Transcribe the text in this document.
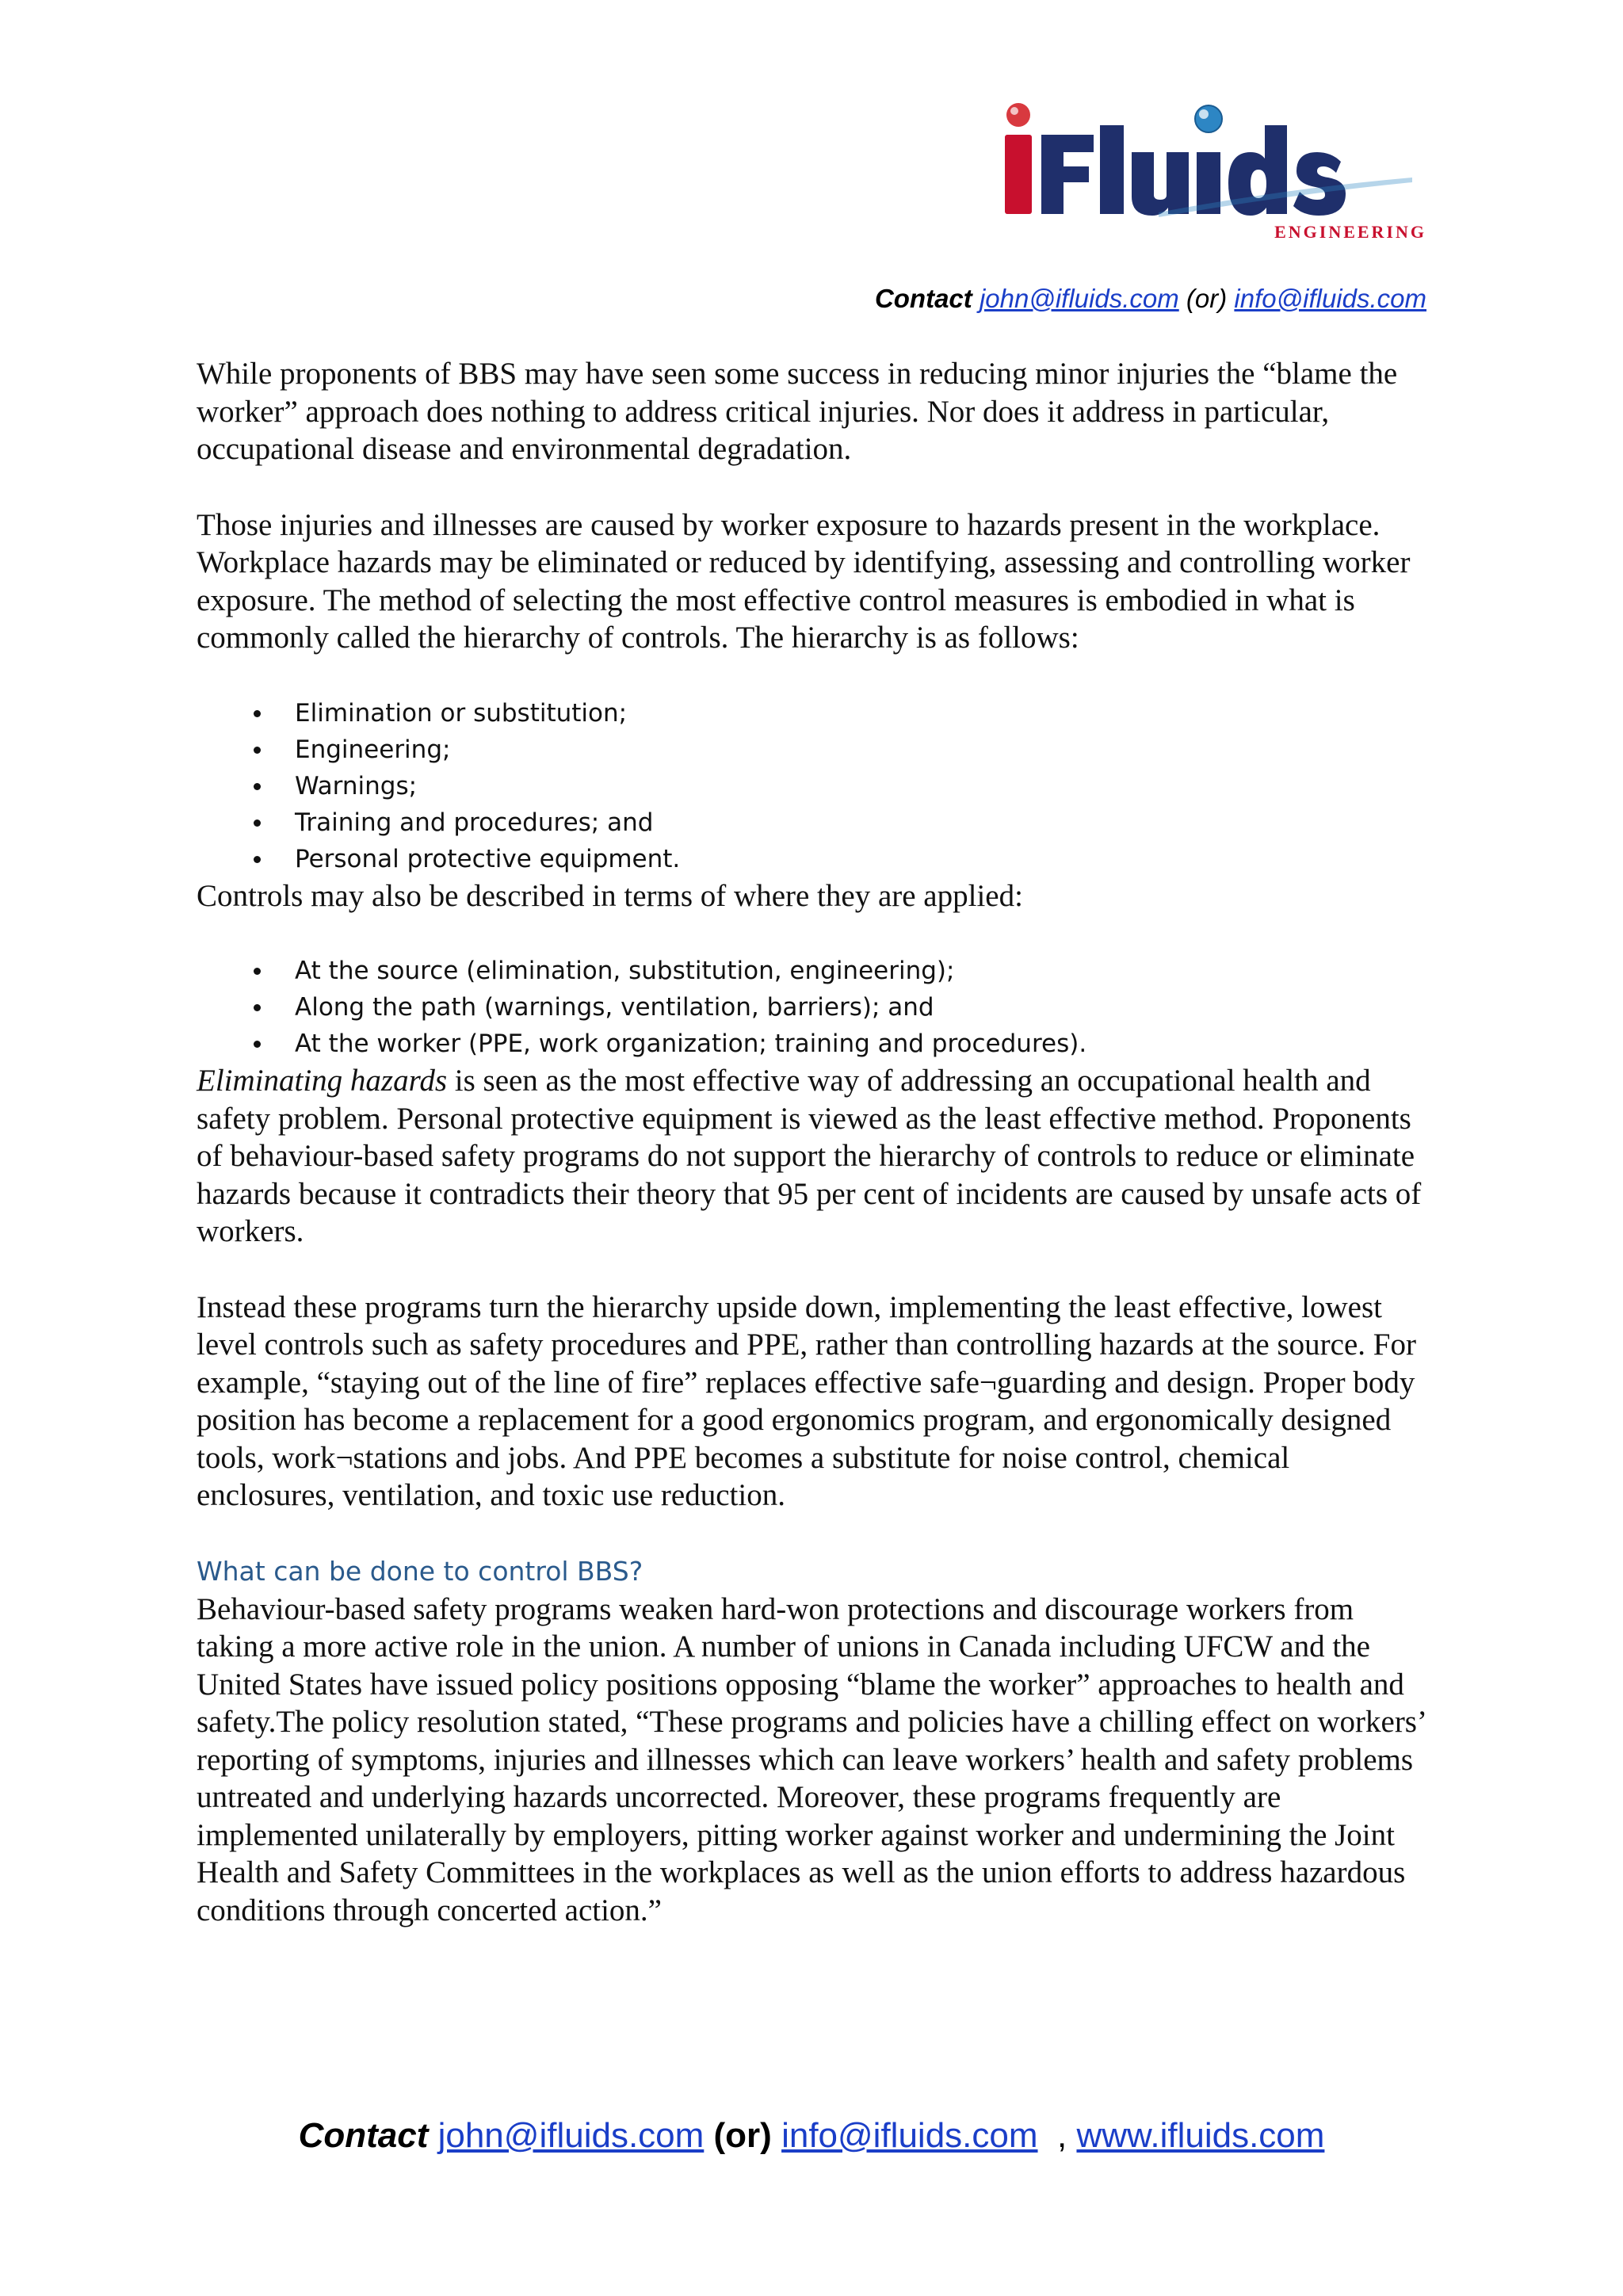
ENGINEERING
Contact john@ifluids.com (or) info@ifluids.com

While proponents of BBS may have seen some success in reducing minor injuries the “blame the worker” approach does nothing to address critical injuries. Nor does it address in particular, occupational disease and environmental degradation.

Those injuries and illnesses are caused by worker exposure to hazards present in the workplace. Workplace hazards may be eliminated or reduced by identifying, assessing and controlling worker exposure. The method of selecting the most effective control measures is embodied in what is commonly called the hierarchy of controls. The hierarchy is as follows:

Elimination or substitution;
Engineering;
Warnings;
Training and procedures; and
Personal protective equipment.

Controls may also be described in terms of where they are applied:

At the source (elimination, substitution, engineering);
Along the path (warnings, ventilation, barriers); and
At the worker (PPE, work organization; training and procedures).

Eliminating hazards is seen as the most effective way of addressing an occupational health and safety problem. Personal protective equipment is viewed as the least effective method. Proponents of behaviour-based safety programs do not support the hierarchy of controls to reduce or eliminate hazards because it contradicts their theory that 95 per cent of incidents are caused by unsafe acts of workers.

Instead these programs turn the hierarchy upside down, implementing the least effective, lowest level controls such as safety procedures and PPE, rather than controlling hazards at the source. For example, “staying out of the line of fire” replaces effective safe¬guarding and design. Proper body position has become a replacement for a good ergonomics program, and ergonomically designed tools, work¬stations and jobs. And PPE becomes a substitute for noise control, chemical enclosures, ventilation, and toxic use reduction.

What can be done to control BBS?

Behaviour-based safety programs weaken hard-won protections and discourage workers from taking a more active role in the union. A number of unions in Canada including UFCW and the United States have issued policy positions opposing “blame the worker” approaches to health and safety.The policy resolution stated, “These programs and policies have a chilling effect on workers’ reporting of symptoms, injuries and illnesses which can leave workers’ health and safety problems untreated and underlying hazards uncorrected. Moreover, these programs frequently are implemented unilaterally by employers, pitting worker against worker and undermining the Joint Health and Safety Committees in the workplaces as well as the union efforts to address hazardous conditions through concerted action.”

Contact john@ifluids.com (or) info@ifluids.com , www.ifluids.com
